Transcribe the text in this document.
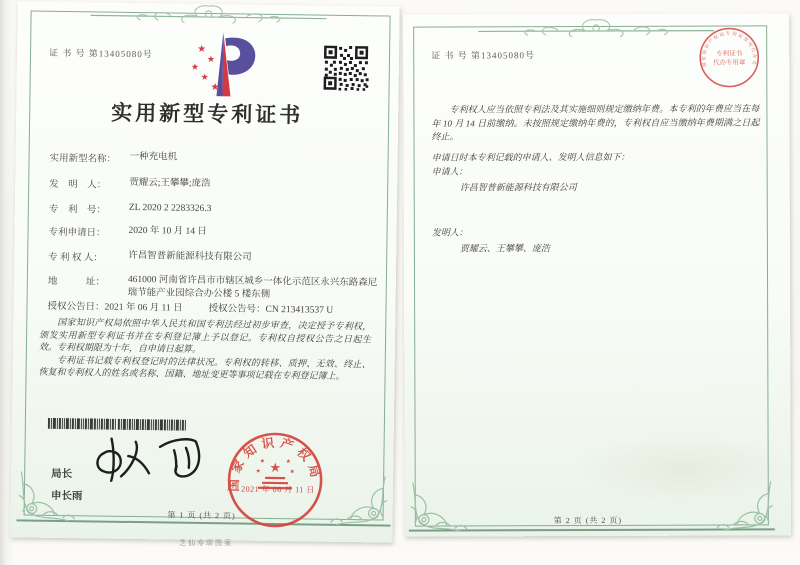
证 书 号 第13405080号	★
★
★
★
★
实用新型专利证书
实用新型名称：	一种充电机
发　明　人：	贾耀云;王攀攀;庞浩
专　利　号：	ZL 2020 2 2283326.3
专利申请日：	2020 年 10 月 14 日
专 利 权 人：	许昌智普新能源科技有限公司
地　　　址：	461000 河南省许昌市市辖区城乡一体化示范区永兴东路森尼瑞节能产业园综合办公楼 5 楼东侧
授权公告日：2021 年 06 月 11 日	授权公告号：CN 213413537 U

国家知识产权局依照中华人民共和国专利法经过初步审查，决定授予专利权，颁发实用新型专利证书并在专利登记簿上予以登记。专利权自授权公告之日起生效。专利权期限为十年，自申请日起算。

专利证书记载专利权登记时的法律状况。专利权的转移、质押、无效、终止、恢复和专利权人的姓名或名称、国籍、地址变更等事项记载在专利登记簿上。

局长
申长雨
国家知识产权局
★
★	★
★	★
2021 年 06 月 11 日
第 1 页 (共 2 页)
芝仙寿颂图案
证 书 号 第13405080号
国家知识产权局专利局郑州代办处
专利证书
代办专用章
专利权人应当依照专利法及其实施细则规定缴纳年费。本专利的年费应当在每年 10 月 14 日前缴纳。未按照规定缴纳年费的，专利权自应当缴纳年费期满之日起终止。
申请日时本专利记载的申请人、发明人信息如下：
申请人：
许昌智普新能源科技有限公司
发明人：
贾耀云、王攀攀、庞浩
第 2 页 (共 2 页)
